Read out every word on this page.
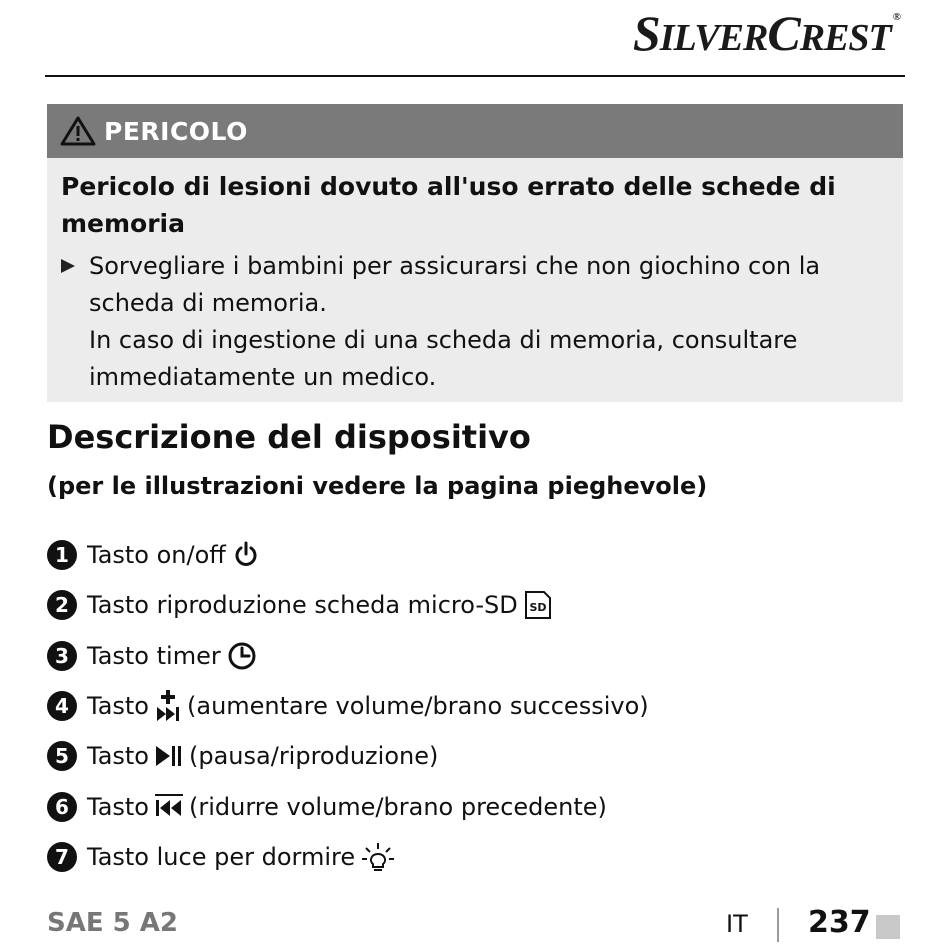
SILVERCREST ®
PERICOLO
Pericolo di lesioni dovuto all'uso errato delle schede di memoria

Sorvegliare i bambini per assicurarsi che non giochino con la scheda di memoria.

In caso di ingestione di una scheda di memoria, consultare immediatamente un medico.

Descrizione del dispositivo
(per le illustrazioni vedere la pagina pieghevole)
1 Tasto on/off
2 Tasto riproduzione scheda micro-SD SD
3 Tasto timer
4 Tasto (aumentare volume/brano successivo)
5 Tasto (pausa/riproduzione)
6 Tasto (ridurre volume/brano precedente)
7 Tasto luce per dormire
SAE 5 A2	IT 237
